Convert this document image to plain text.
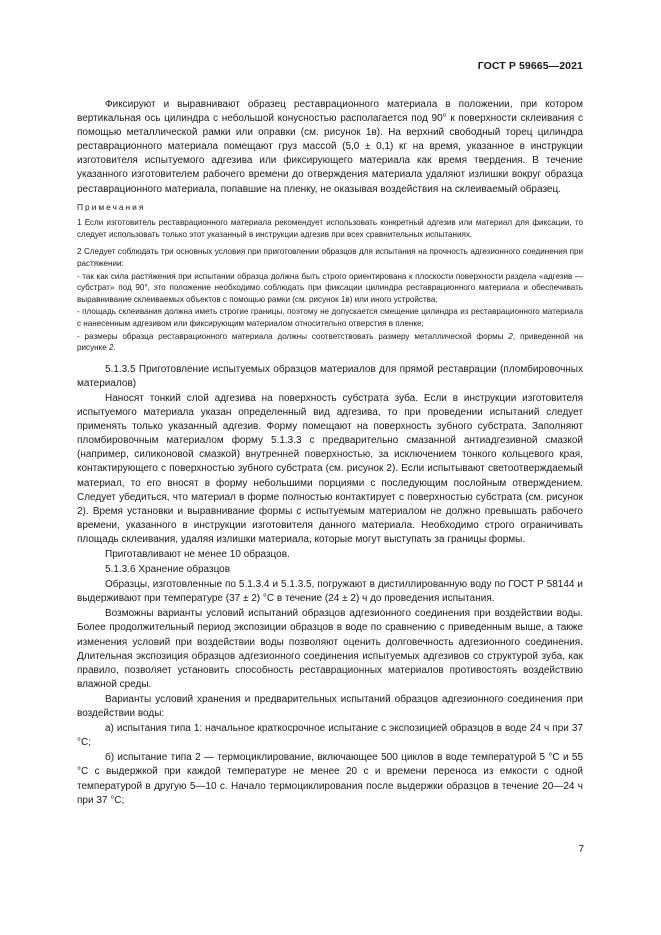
ГОСТ Р 59665—2021

Фиксируют и выравнивают образец реставрационного материала в положении, при котором вертикальная ось цилиндра с небольшой конусностью располагается под 90° к поверхности склеивания с помощью металлической рамки или оправки (см. рисунок 1в). На верхний свободный торец цилиндра реставрационного материала помещают груз массой (5,0 ± 0,1) кг на время, указанное в инструкции изготовителя испытуемого адгезива или фиксирующего материала как время твердения. В течение указанного изготовителем рабочего времени до отверждения материала удаляют излишки вокруг образца реставрационного материала, попавшие на пленку, не оказывая воздействия на склеиваемый образец.

Примечания

1 Если изготовитель реставрационного материала рекомендует использовать конкретный адгезив или материал для фиксации, то следует использовать только этот указанный в инструкции адгезив при всех сравнительных испытаниях.

2 Следует соблюдать три основных условия при приготовлении образцов для испытания на прочность адгезионного соединения при растяжении:

- так как сила растяжения при испытании образца должна быть строго ориентирована к плоскости поверхности раздела «адгезив — субстрат» под 90°, это положение необходимо соблюдать при фиксации цилиндра реставрационного материала и обеспечивать выравнивание склеиваемых объектов с помощью рамки (см. рисунок 1в) или иного устройства;

- площадь склеивания должна иметь строгие границы, поэтому не допускается смещение цилиндра из реставрационного материала с нанесенным адгезивом или фиксирующим материалом относительно отверстия в пленке;

- размеры образца реставрационного материала должны соответствовать размеру металлической формы 2, приведенной на рисунке 2.

5.1.3.5 Приготовление испытуемых образцов материалов для прямой реставрации (пломбировочных материалов)

Наносят тонкий слой адгезива на поверхность субстрата зуба. Если в инструкции изготовителя испытуемого материала указан определенный вид адгезива, то при проведении испытаний следует применять только указанный адгезив. Форму помещают на поверхность зубного субстрата. Заполняют пломбировочным материалом форму 5.1.3.3 с предварительно смазанной антиадгезивной смазкой (например, силиконовой смазкой) внутренней поверхностью, за исключением тонкого кольцевого края, контактирующего с поверхностью зубного субстрата (см. рисунок 2). Если испытывают светоотверждаемый материал, то его вносят в форму небольшими порциями с последующим послойным отверждением. Следует убедиться, что материал в форме полностью контактирует с поверхностью субстрата (см. рисунок 2). Время установки и выравнивание формы с испытуемым материалом не должно превышать рабочего времени, указанного в инструкции изготовителя данного материала. Необходимо строго ограничивать площадь склеивания, удаляя излишки материала, которые могут выступать за границы формы.

Приготавливают не менее 10 образцов.

5.1.3.6 Хранение образцов

Образцы, изготовленные по 5.1.3.4 и 5.1.3.5, погружают в дистиллированную воду по ГОСТ Р 58144 и выдерживают при температуре (37 ± 2) °С в течение (24 ± 2) ч до проведения испытания.

Возможны варианты условий испытаний образцов адгезионного соединения при воздействии воды. Более продолжительный период экспозиции образцов в воде по сравнению с приведенным выше, а также изменения условий при воздействии воды позволяют оценить долговечность адгезионного соединения. Длительная экспозиция образцов адгезионного соединения испытуемых адгезивов со структурой зуба, как правило, позволяет установить способность реставрационных материалов противостоять воздействию влажной среды.

Варианты условий хранения и предварительных испытаний образцов адгезионного соединения при воздействии воды:

а) испытания типа 1: начальное краткосрочное испытание с экспозицией образцов в воде 24 ч при 37 °С;

б) испытание типа 2 — термоциклирование, включающее 500 циклов в воде температурой 5 °С и 55 °С с выдержкой при каждой температуре не менее 20 с и времени переноса из емкости с одной температурой в другую 5—10 с. Начало термоциклирования после выдержки образцов в течение 20—24 ч при 37 °С;

7
